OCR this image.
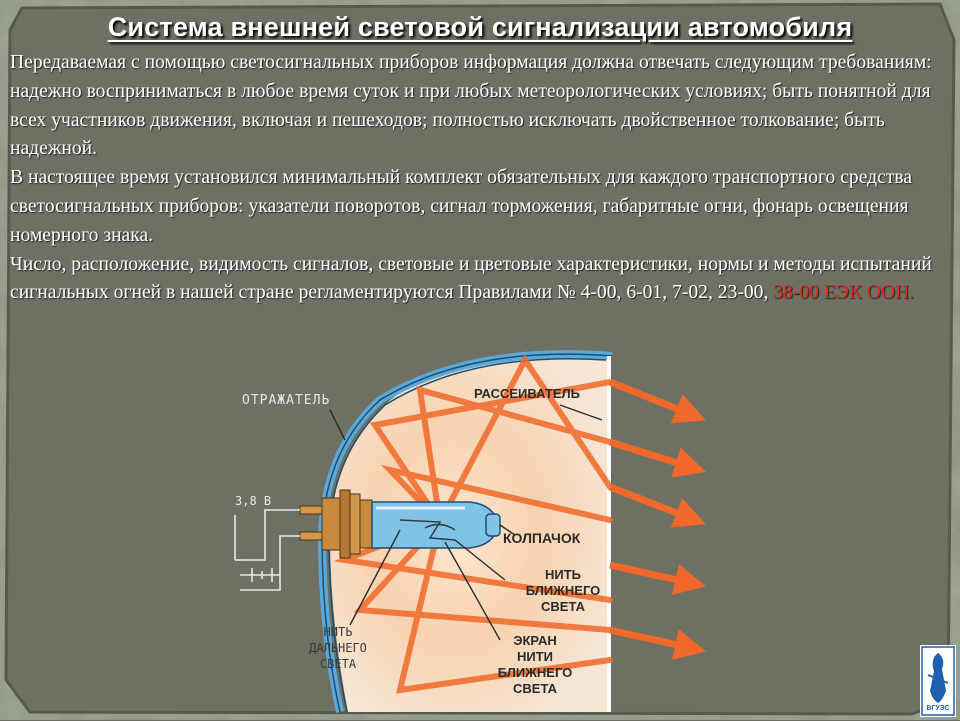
Система внешней световой сигнализации автомобиля

Передаваемая с помощью светосигнальных приборов информация должна отвечать следующим требованиям: надежно восприниматься в любое время суток и при любых метеорологических условиях; быть понятной для всех участников движения, включая и пешеходов; полностью исключать двойственное толкование; быть надежной.

В настоящее время установился минимальный комплект обязательных для каждого транспортного средства светосигнальных приборов: указатели поворотов, сигнал торможения, габаритные огни, фонарь освещения номерного знака.

Число, расположение, видимость сигналов, световые и цветовые характеристики, нормы и методы испытаний сигнальных огней в нашей стране регламентируются Правилами № 4-00, 6-01, 7-02, 23-00, 38-00 ЕЭК ООН.

ОТРАЖАТЕЛЬ	РАССЕИВАТЕЛЬ
3,8 В
КОЛПАЧОК
НИТЬ
БЛИЖНЕГО
СВЕТА
ЭКРАН
НИТИ
БЛИЖНЕГО
СВЕТА
НИТЬ
ДАЛЬНЕГО
СВЕТА
ВГУЭС
